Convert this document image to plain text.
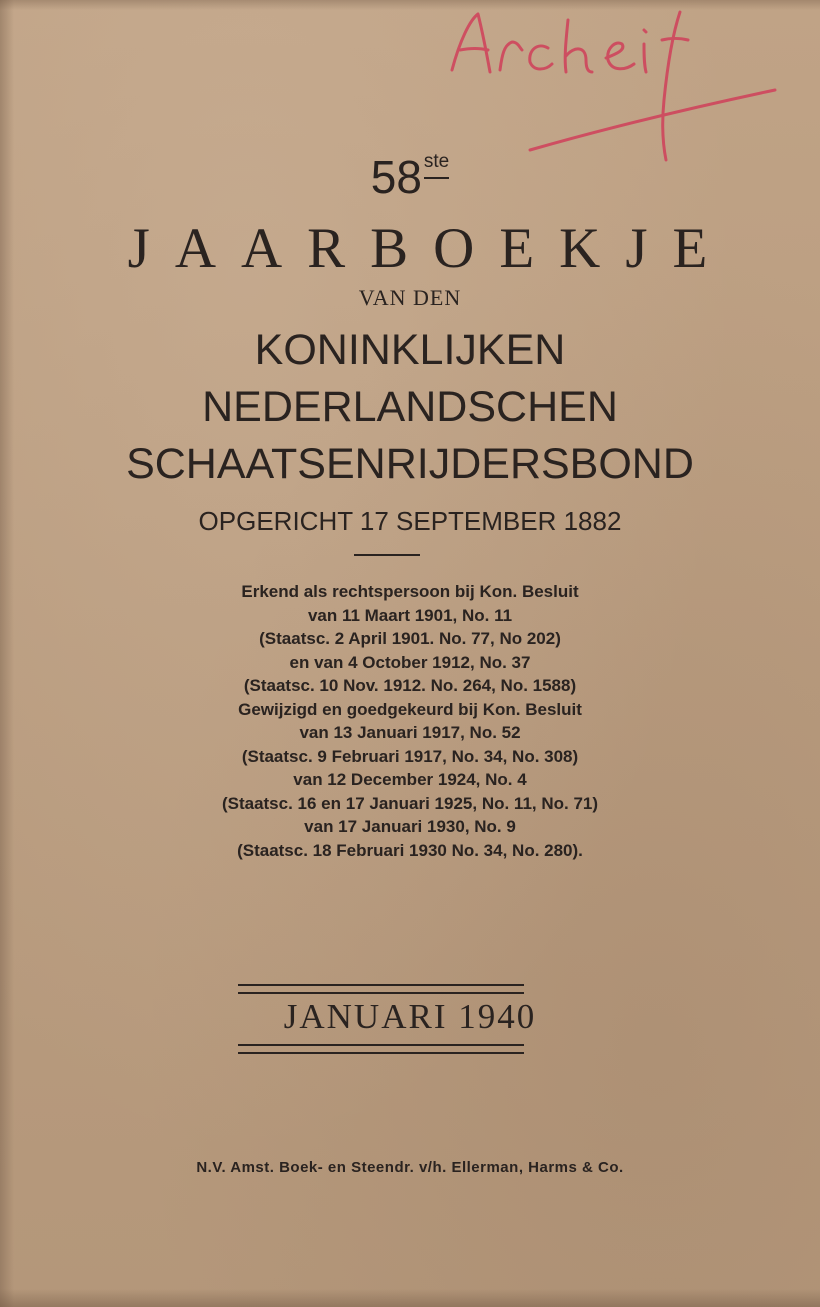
58 ste
JAARBOEKJE
VAN DEN
KONINKLIJKEN
NEDERLANDSCHEN
SCHAATSENRIJDERSBOND
OPGERICHT 17 SEPTEMBER 1882
Erkend als rechtspersoon bij Kon. Besluit
van 11 Maart 1901, No. 11
(Staatsc. 2 April 1901. No. 77, No 202)
en van 4 October 1912, No. 37
(Staatsc. 10 Nov. 1912. No. 264, No. 1588)
Gewijzigd en goedgekeurd bij Kon. Besluit
van 13 Januari 1917, No. 52
(Staatsc. 9 Februari 1917, No. 34, No. 308)
van 12 December 1924, No. 4
(Staatsc. 16 en 17 Januari 1925, No. 11, No. 71)
van 17 Januari 1930, No. 9
(Staatsc. 18 Februari 1930 No. 34, No. 280).
JANUARI 1940
N.V. Amst. Boek- en Steendr. v/h. Ellerman, Harms & Co.
